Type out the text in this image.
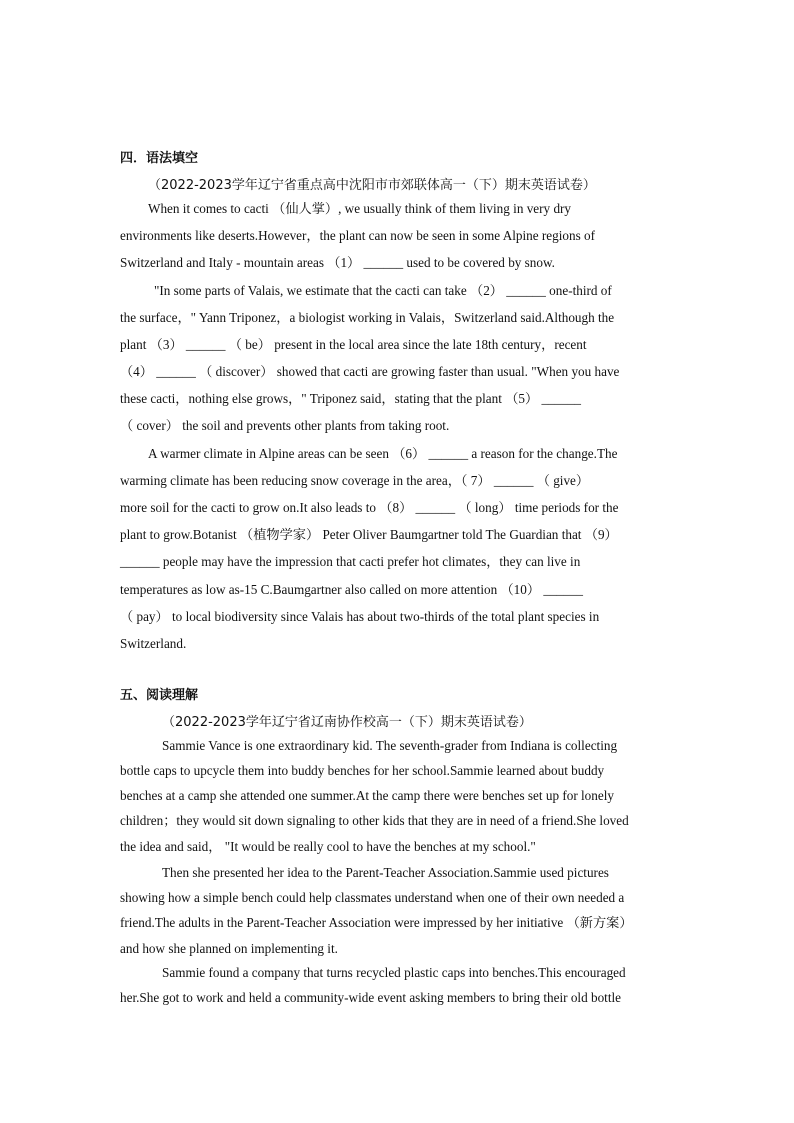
四．语法填空
（2022-2023学年辽宁省重点高中沈阳市市郊联体高一（下）期末英语试卷）
When it comes to cacti （仙人掌）, we usually think of them living in very dry
environments like deserts.However，the plant can now be seen in some Alpine regions of
Switzerland and Italy - mountain areas （1） ______ used to be covered by snow.
"In some parts of Valais, we estimate that the cacti can take （2） ______ one-third of
the surface，" Yann Triponez，a biologist working in Valais，Switzerland said.Although the
plant （3） ______ （ be） present in the local area since the late 18th century，recent
（4） ______ （ discover） showed that cacti are growing faster than usual. "When you have
these cacti，nothing else grows，" Triponez said，stating that the plant （5） ______
（ cover） the soil and prevents other plants from taking root.
A warmer climate in Alpine areas can be seen （6） ______ a reason for the change.The
warming climate has been reducing snow coverage in the area，（ 7） ______ （ give）
more soil for the cacti to grow on.It also leads to （8） ______ （ long） time periods for the
plant to grow.Botanist （植物学家） Peter Oliver Baumgartner told The Guardian that （9）
______ people may have the impression that cacti prefer hot climates，they can live in
temperatures as low as-15 C.Baumgartner also called on more attention （10） ______
（ pay） to local biodiversity since Valais has about two-thirds of the total plant species in
Switzerland.
五、阅读理解
（2022-2023学年辽宁省辽南协作校高一（下）期末英语试卷）
Sammie Vance is one extraordinary kid. The seventh-grader from Indiana is collecting
bottle caps to upcycle them into buddy benches for her school.Sammie learned about buddy
benches at a camp she attended one summer.At the camp there were benches set up for lonely
children；they would sit down signaling to other kids that they are in need of a friend.She loved
the idea and said， "It would be really cool to have the benches at my school."
Then she presented her idea to the Parent-Teacher Association.Sammie used pictures
showing how a simple bench could help classmates understand when one of their own needed a
friend.The adults in the Parent-Teacher Association were impressed by her initiative （新方案）
and how she planned on implementing it.
Sammie found a company that turns recycled plastic caps into benches.This encouraged
her.She got to work and held a community-wide event asking members to bring their old bottle
